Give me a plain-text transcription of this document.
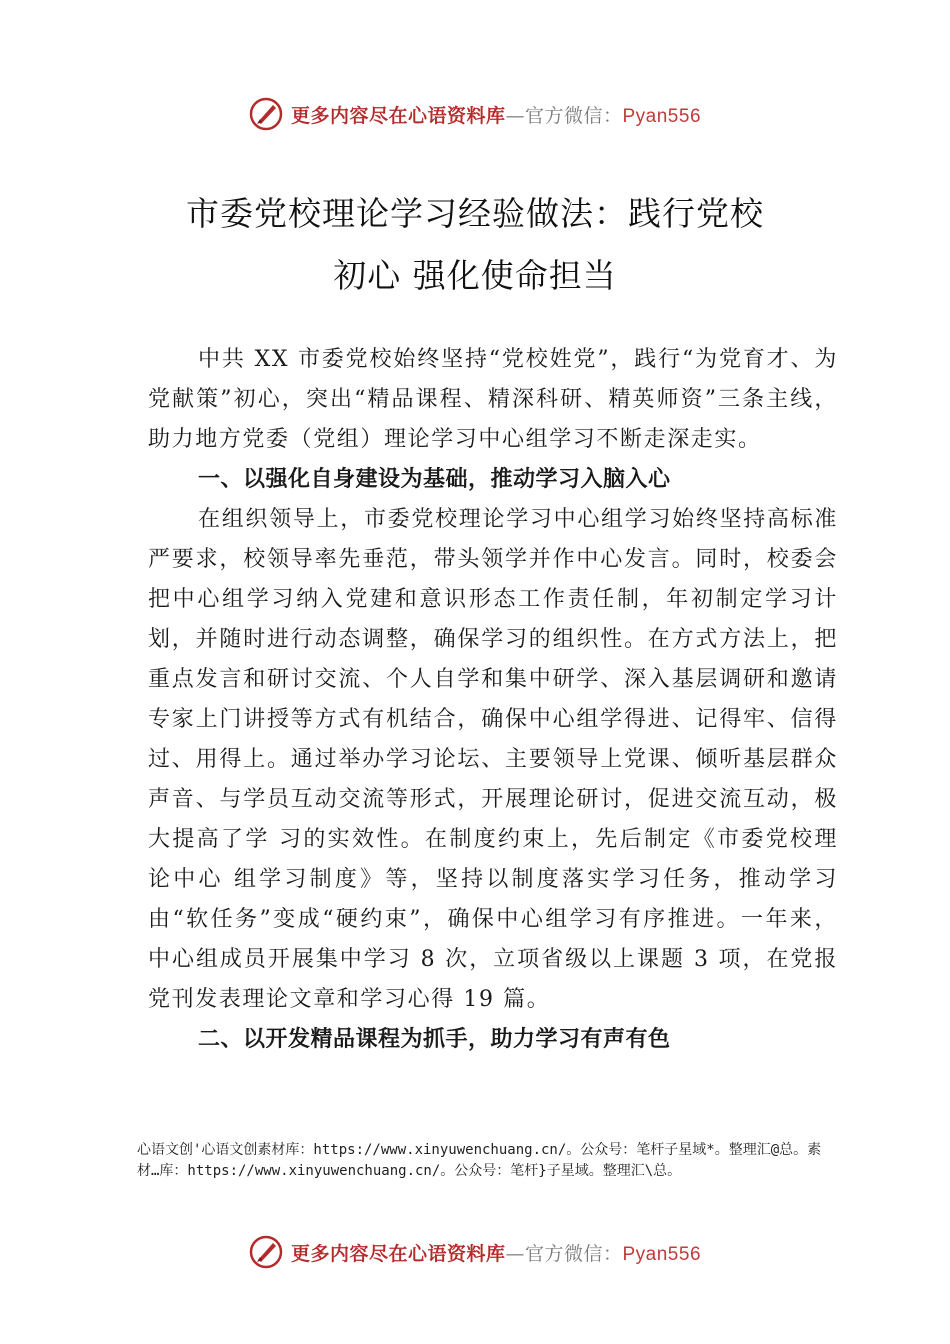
更多内容尽在心语资料库—官方微信：Pyan556
市委党校理论学习经验做法：践行党校
初心 强化使命担当

中共 XX 市委党校始终坚持“党校姓党”，践行“为党育才、为党献策”初心，突出“精品课程、精深科研、精英师资”三条主线，助力地方党委（党组）理论学习中心组学习不断走深走实。

一、以强化自身建设为基础，推动学习入脑入心

在组织领导上，市委党校理论学习中心组学习始终坚持高标准严要求，校领导率先垂范，带头领学并作中心发言。同时，校委会把中心组学习纳入党建和意识形态工作责任制，年初制定学习计划，并随时进行动态调整，确保学习的组织性。在方式方法上，把重点发言和研讨交流、个人自学和集中研学、深入基层调研和邀请专家上门讲授等方式有机结合，确保中心组学得进、记得牢、信得过、用得上。通过举办学习论坛、主要领导上党课、倾听基层群众声音、与学员互动交流等形式，开展理论研讨，促进交流互动，极大提高了学 习的实效性。在制度约束上，先后制定《市委党校理论中心 组学习制度》等，坚持以制度落实学习任务，推动学习由“软任务”变成“硬约束”，确保中心组学习有序推进。一年来， 中心组成员开展集中学习 8 次，立项省级以上课题 3 项，在党报党刊发表理论文章和学习心得 19 篇。

二、以开发精品课程为抓手，助力学习有声有色
心语文创'心语文创素材库：https://www.xinyuwenchuang.cn/。公众号：笔杆子星域*。整理汇@总。素材…库：https://www.xinyuwenchuang.cn/。公众号：笔杆}子星域。整理汇\总。
更多内容尽在心语资料库—官方微信：Pyan556
